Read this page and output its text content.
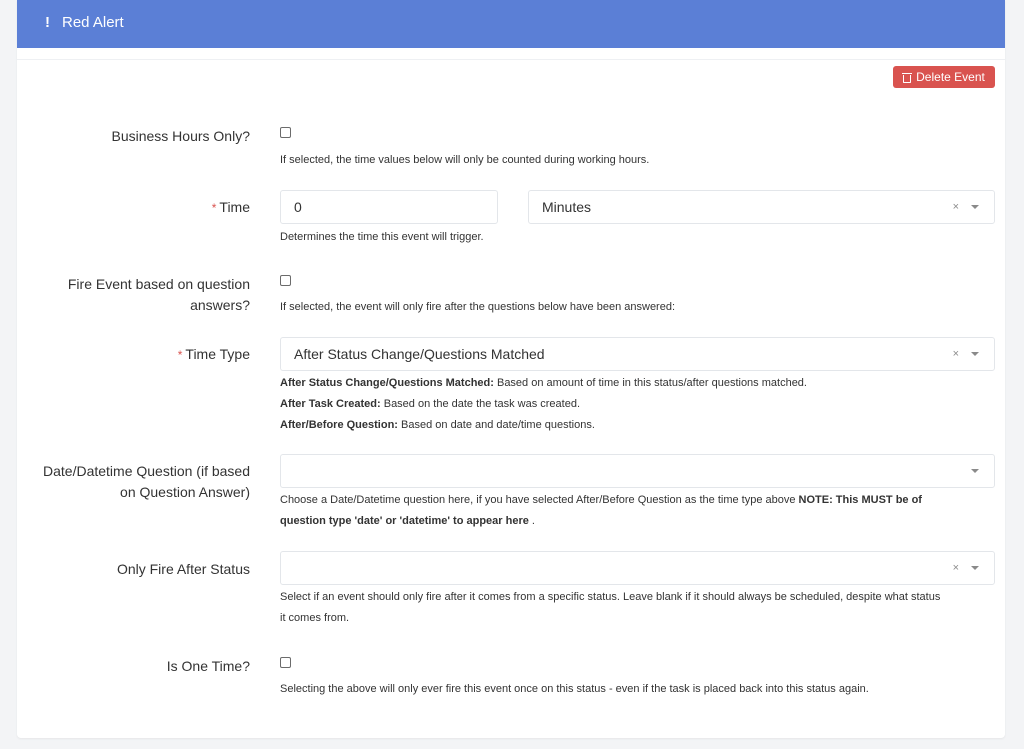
! Red Alert
Delete Event
Business Hours Only?
If selected, the time values below will only be counted during working hours.
* Time	0	Minutes	×
Determines the time this event will trigger.
Fire Event based on question
answers?	If selected, the event will only fire after the questions below have been answered:
* Time Type	After Status Change/Questions Matched	×
After Status Change/Questions Matched: Based on amount of time in this status/after questions matched.
After Task Created: Based on the date the task was created.
After/Before Question: Based on date and date/time questions.
Date/Datetime Question (if based
on Question Answer)	Choose a Date/Datetime question here, if you have selected After/Before Question as the time type above NOTE: This MUST be of
question type 'date' or 'datetime' to appear here .
Only Fire After Status	×
Select if an event should only fire after it comes from a specific status. Leave blank if it should always be scheduled, despite what status
it comes from.
Is One Time?
Selecting the above will only ever fire this event once on this status - even if the task is placed back into this status again.
